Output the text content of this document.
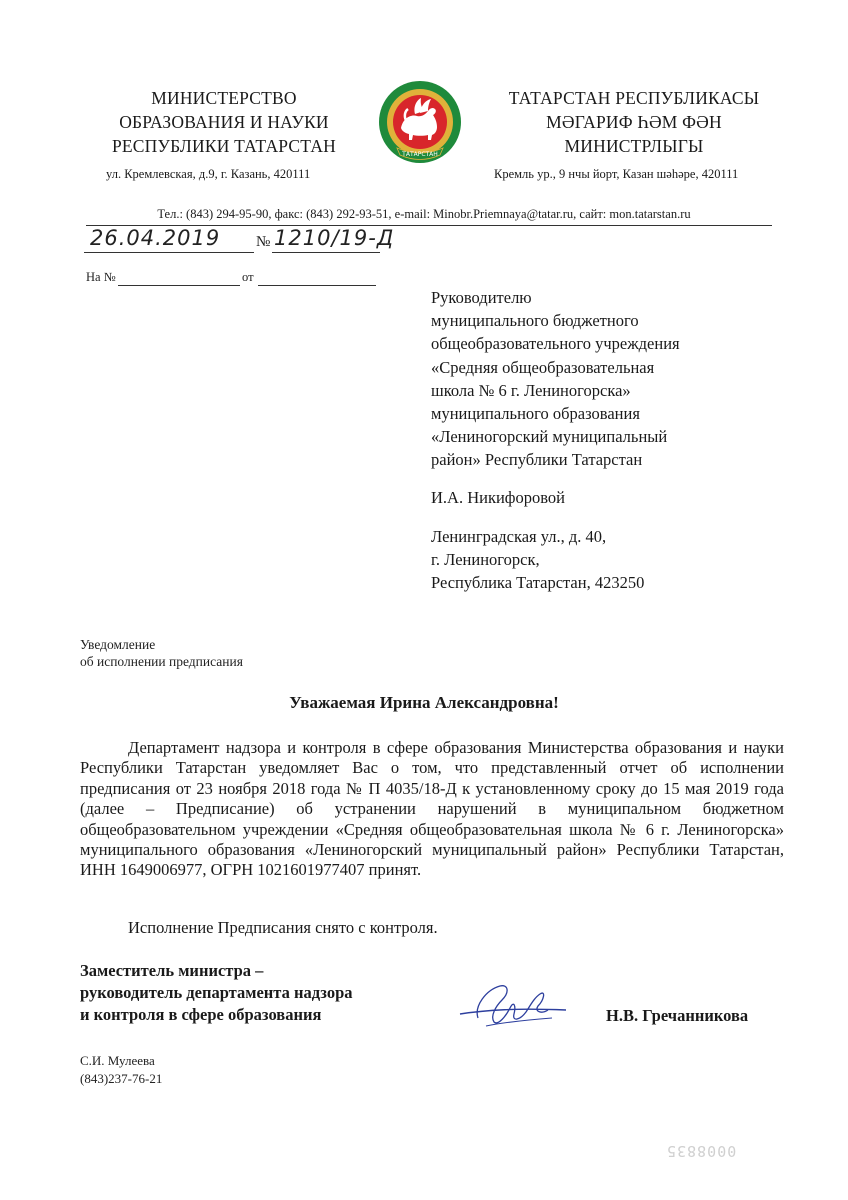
МИНИСТЕРСТВО
ОБРАЗОВАНИЯ И НАУКИ
РЕСПУБЛИКИ ТАТАРСТАН
ул. Кремлевская, д.9, г. Казань, 420111
ТАТАРСТАН
ТАТАРСТАН РЕСПУБЛИКАСЫ
МӘГАРИФ ҺӘМ ФӘН
МИНИСТРЛЫГЫ
Кремль ур., 9 нчы йорт, Казан шәһәре, 420111
Тел.: (843) 294-95-90, факс: (843) 292-93-51, e-mail: Minobr.Priemnaya@tatar.ru, сайт: mon.tatarstan.ru
26.04.2019 № 1210/19-Д
На №	от
Руководителю
муниципального бюджетного
общеобразовательного учреждения
«Средняя общеобразовательная
школа № 6 г. Лениногорска»
муниципального образования
«Лениногорский муниципальный
район» Республики Татарстан
И.А. Никифоровой
Ленинградская ул., д. 40,
г. Лениногорск,
Республика Татарстан, 423250
Уведомление
об исполнении предписания
Уважаемая Ирина Александровна!

Департамент надзора и контроля в сфере образования Министерства образования и науки Республики Татарстан уведомляет Вас о том, что представленный отчет об исполнении предписания от 23 ноября 2018 года № П 4035/18-Д к установленному сроку до 15 мая 2019 года (далее – Предписание) об устранении нарушений в муниципальном бюджетном общеобразовательном учреждении «Средняя общеобразовательная школа № 6 г. Лениногорска» муниципального образования «Лениногорский муниципальный район» Республики Татарстан, ИНН 1649006977, ОГРН 1021601977407 принят.

Исполнение Предписания снято с контроля.

Заместитель министра –
руководитель департамента надзора
и контроля в сфере образования	Н.В. Гречанникова
С.И. Мулеева
(843)237-76-21
0008835
